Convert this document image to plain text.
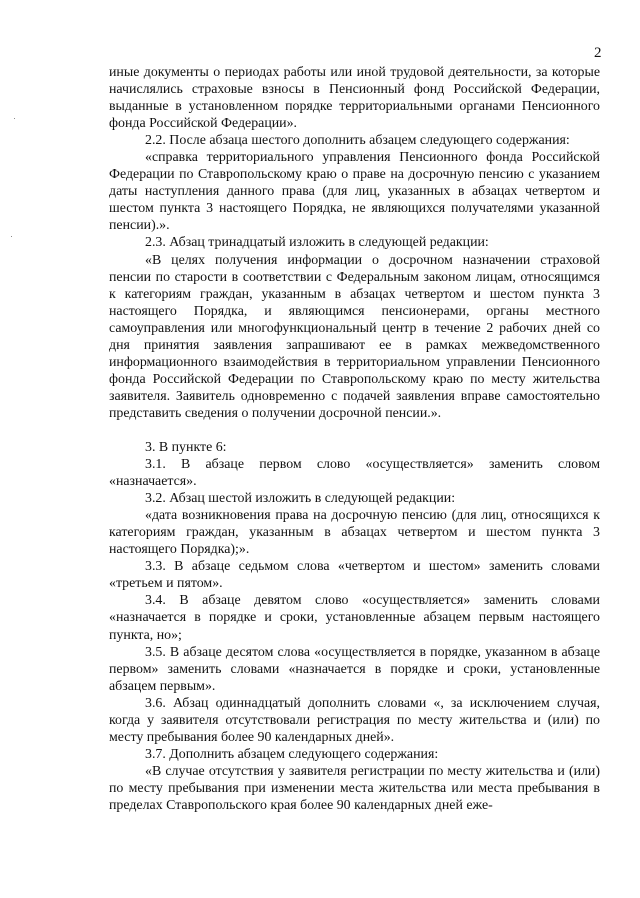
2

иные документы о периодах работы или иной трудовой деятельности, за которые начислялись страховые взносы в Пенсионный фонд Российской Федерации, выданные в установленном порядке территориальными органами Пенсионного фонда Российской Федерации».

2.2. После абзаца шестого дополнить абзацем следующего содержания:

«справка территориального управления Пенсионного фонда Российской Федерации по Ставропольскому краю о праве на досрочную пенсию с указанием даты наступления данного права (для лиц, указанных в абзацах четвертом и шестом пункта 3 настоящего Порядка, не являющихся получателями указанной пенсии).».

2.3. Абзац тринадцатый изложить в следующей редакции:

«В целях получения информации о досрочном назначении страховой пенсии по старости в соответствии с Федеральным законом лицам, относящимся к категориям граждан, указанным в абзацах четвертом и шестом пункта 3 настоящего Порядка, и являющимся пенсионерами, органы местного самоуправления или многофункциональный центр в течение 2 рабочих дней со дня принятия заявления запрашивают ее в рамках межведомственного информационного взаимодействия в территориальном управлении Пенсионного фонда Российской Федерации по Ставропольскому краю по месту жительства заявителя. Заявитель одновременно с подачей заявления вправе самостоятельно представить сведения о получении досрочной пенсии.».

3. В пункте 6:

3.1. В абзаце первом слово «осуществляется» заменить словом «назначается».

3.2. Абзац шестой изложить в следующей редакции:

«дата возникновения права на досрочную пенсию (для лиц, относящихся к категориям граждан, указанным в абзацах четвертом и шестом пункта 3 настоящего Порядка);».

3.3. В абзаце седьмом слова «четвертом и шестом» заменить словами «третьем и пятом».

3.4. В абзаце девятом слово «осуществляется» заменить словами «назначается в порядке и сроки, установленные абзацем первым настоящего пункта, но»;

3.5. В абзаце десятом слова «осуществляется в порядке, указанном в абзаце первом» заменить словами «назначается в порядке и сроки, установленные абзацем первым».

3.6. Абзац одиннадцатый дополнить словами «, за исключением случая, когда у заявителя отсутствовали регистрация по месту жительства и (или) по месту пребывания более 90 календарных дней».

3.7. Дополнить абзацем следующего содержания:

«В случае отсутствия у заявителя регистрации по месту жительства и (или) по месту пребывания при изменении места жительства или места пребывания в пределах Ставропольского края более 90 календарных дней еже-
